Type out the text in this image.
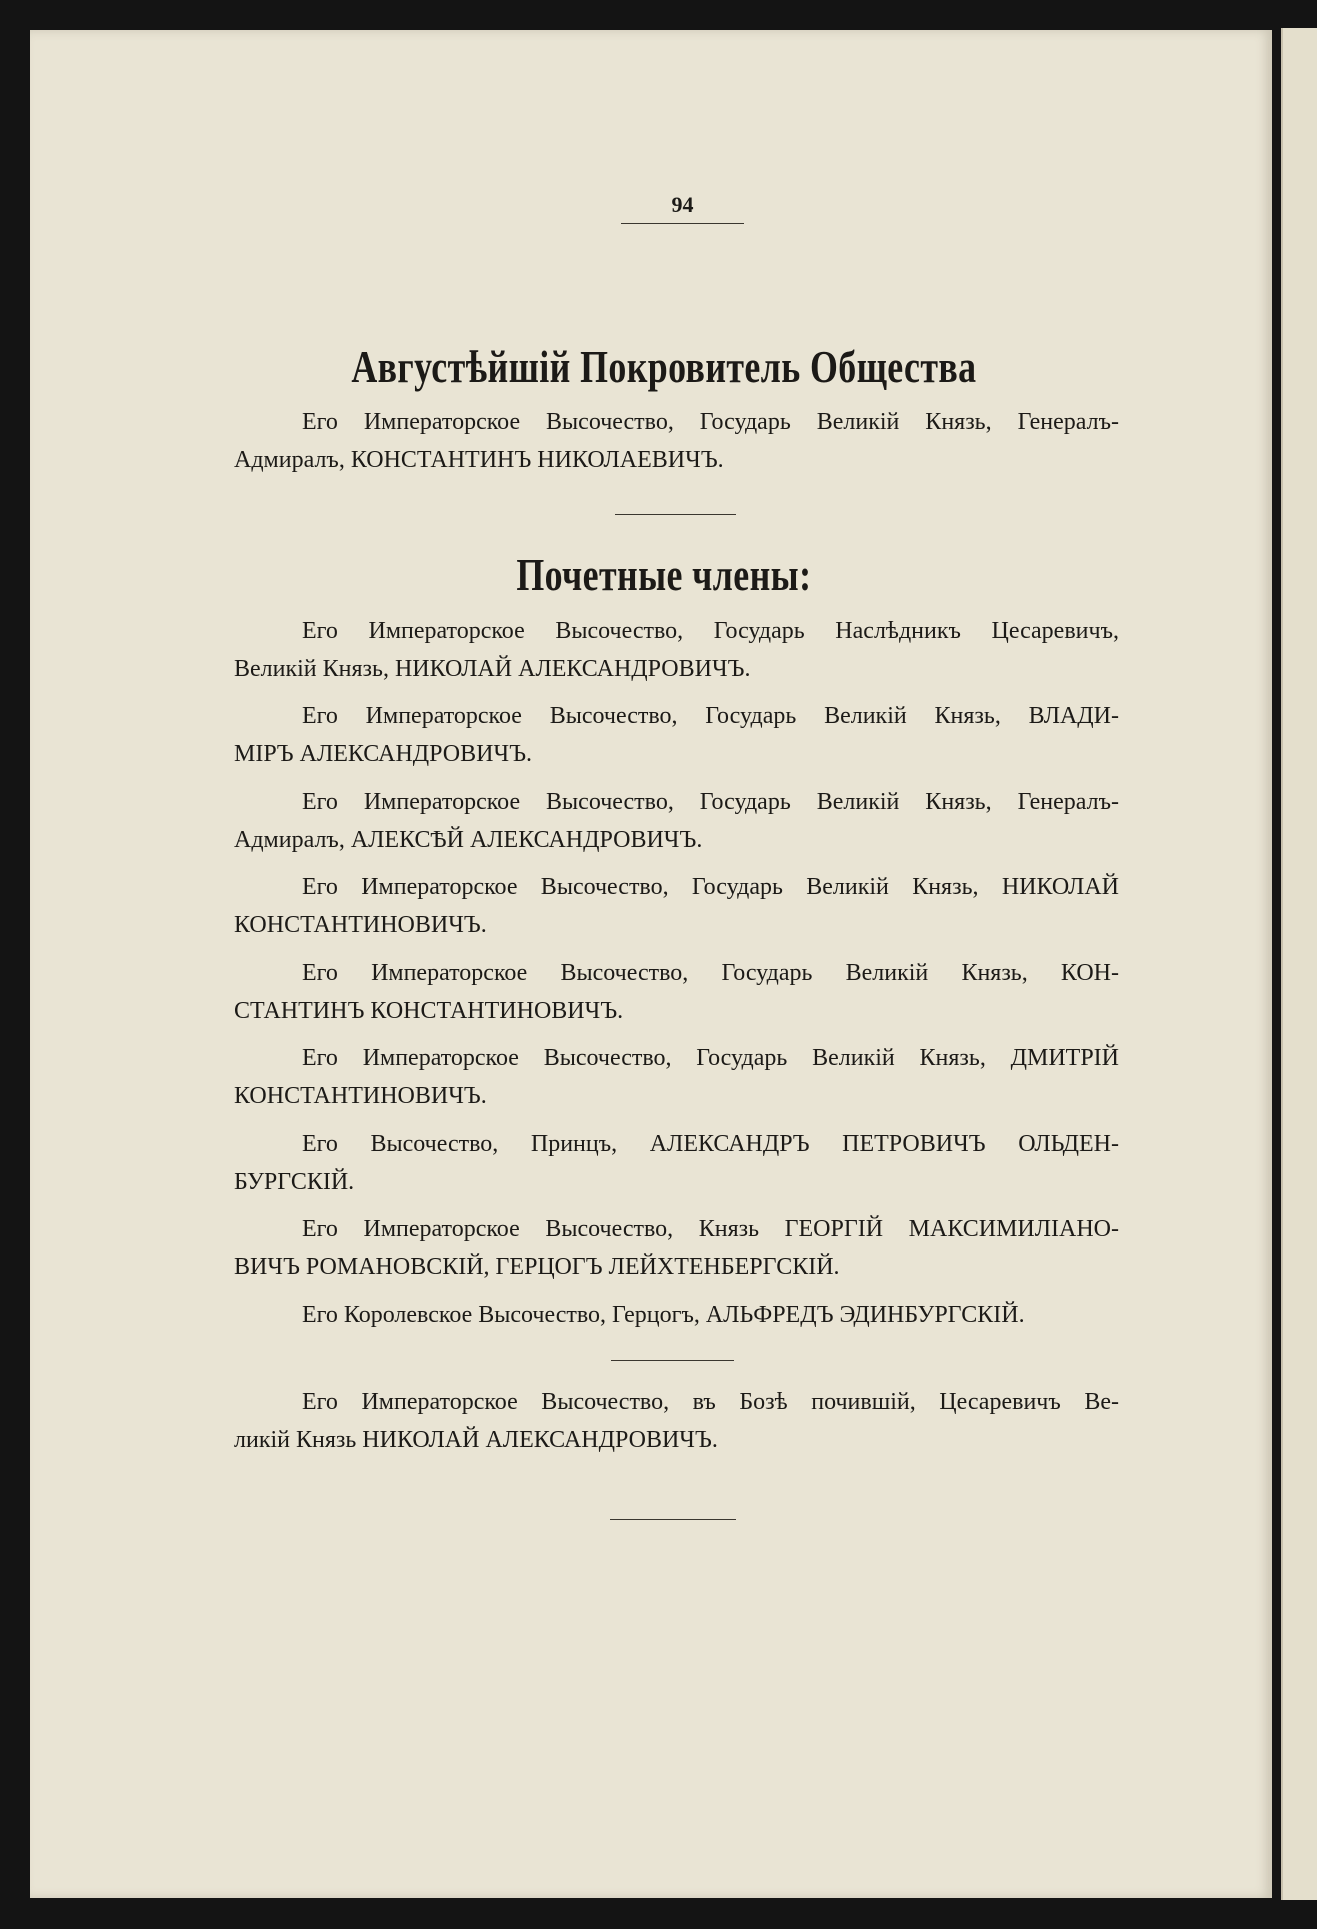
94
Августѣйшій Покровитель Общества
Его Императорское Высочество, Государь Великій Князь, Генералъ-
Адмиралъ, КОНСТАНТИНЪ НИКОЛАЕВИЧЪ.
Почетные члены:
Его Императорское Высочество, Государь Наслѣдникъ Цесаревичъ,
Великій Князь, НИКОЛАЙ АЛЕКСАНДРОВИЧЪ.
Его Императорское Высочество, Государь Великій Князь, ВЛАДИ-
МІРЪ АЛЕКСАНДРОВИЧЪ.
Его Императорское Высочество, Государь Великій Князь, Генералъ-
Адмиралъ, АЛЕКСѢЙ АЛЕКСАНДРОВИЧЪ.
Его Императорское Высочество, Государь Великій Князь, НИКОЛАЙ
КОНСТАНТИНОВИЧЪ.
Его Императорское Высочество, Государь Великій Князь, КОН-
СТАНТИНЪ КОНСТАНТИНОВИЧЪ.
Его Императорское Высочество, Государь Великій Князь, ДМИТРІЙ
КОНСТАНТИНОВИЧЪ.
Его Высочество, Принцъ, АЛЕКСАНДРЪ ПЕТРОВИЧЪ ОЛЬДЕН-
БУРГСКІЙ.
Его Императорское Высочество, Князь ГЕОРГІЙ МАКСИМИЛІАНО-
ВИЧЪ РОМАНОВСКІЙ, ГЕРЦОГЪ ЛЕЙХТЕНБЕРГСКІЙ.
Его Королевское Высочество, Герцогъ, АЛЬФРЕДЪ ЭДИНБУРГСКІЙ.
Его Императорское Высочество, въ Бозѣ почившій, Цесаревичъ Ве-
ликій Князь НИКОЛАЙ АЛЕКСАНДРОВИЧЪ.
